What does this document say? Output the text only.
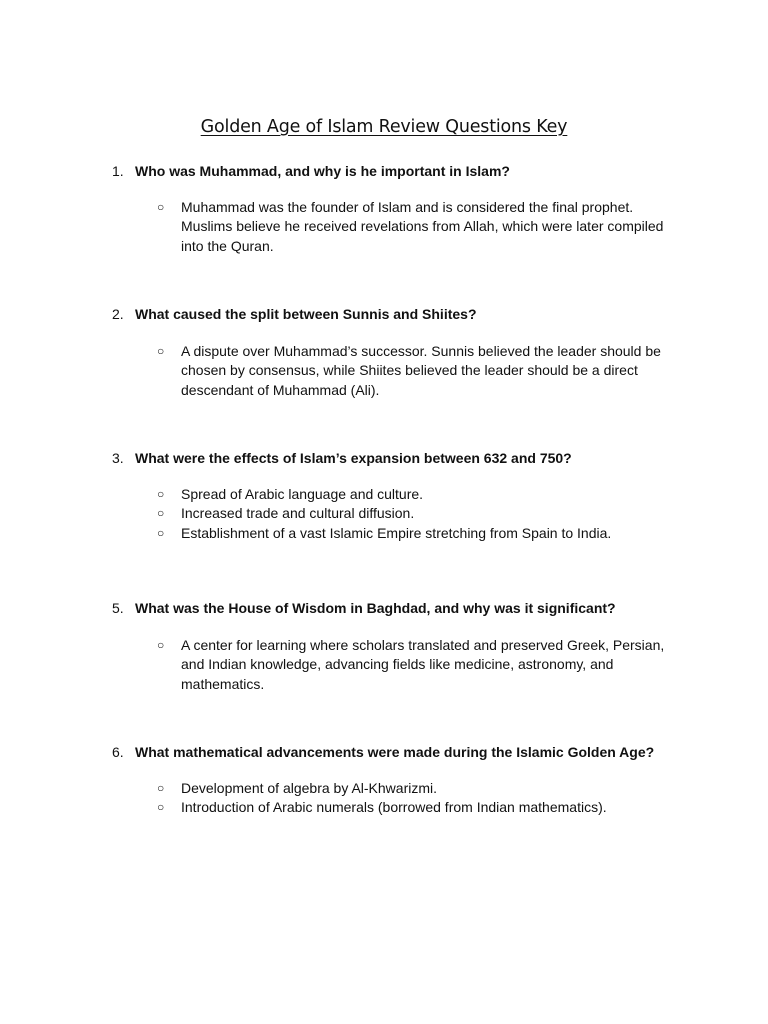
Golden Age of Islam Review Questions Key
1. Who was Muhammad, and why is he important in Islam?
○ Muhammad was the founder of Islam and is considered the final prophet. Muslims believe he received revelations from Allah, which were later compiled into the Quran.
2. What caused the split between Sunnis and Shiites?
○ A dispute over Muhammad’s successor. Sunnis believed the leader should be chosen by consensus, while Shiites believed the leader should be a direct descendant of Muhammad (Ali).
3. What were the effects of Islam’s expansion between 632 and 750?
○ Spread of Arabic language and culture.
○ Increased trade and cultural diffusion.
○ Establishment of a vast Islamic Empire stretching from Spain to India.
5. What was the House of Wisdom in Baghdad, and why was it significant?
○ A center for learning where scholars translated and preserved Greek, Persian, and Indian knowledge, advancing fields like medicine, astronomy, and mathematics.
6. What mathematical advancements were made during the Islamic Golden Age?
○ Development of algebra by Al-Khwarizmi.
○ Introduction of Arabic numerals (borrowed from Indian mathematics).
